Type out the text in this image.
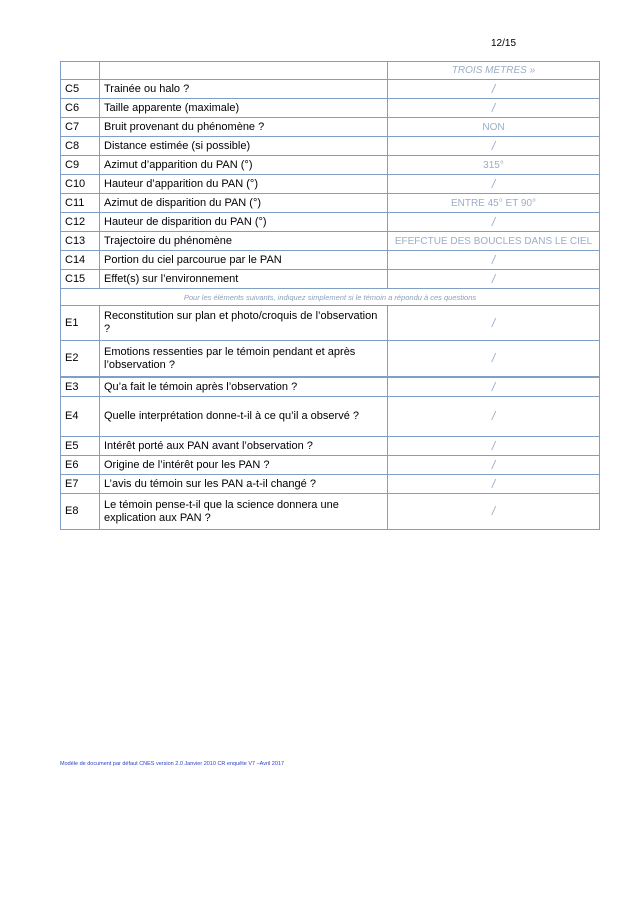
12/15
		TROIS METRES »
C5	Trainée ou halo ?	/
C6	Taille apparente (maximale)	/
C7	Bruit provenant du phénomène ?	NON
C8	Distance estimée (si possible)	/
C9	Azimut d’apparition du PAN (°)	315°
C10	Hauteur d’apparition du PAN (°)	/
C11	Azimut de disparition du PAN (°)	ENTRE 45° ET 90°
C12	Hauteur de disparition du PAN (°)	/
C13	Trajectoire du phénomène	EFEFCTUE DES BOUCLES DANS LE CIEL
C14	Portion du ciel parcourue par le PAN	/
C15	Effet(s) sur l’environnement	/
Pour les éléments suivants, indiquez simplement si le témoin a répondu à ces questions		
E1	Reconstitution sur plan et photo/croquis de l’observation ?	/
E2	Emotions ressenties par le témoin pendant et après l’observation ?	/
E3	Qu’a fait le témoin après l’observation ?	/
E4	Quelle interprétation donne-t-il à ce qu’il a observé ?	/
E5	Intérêt porté aux PAN avant l’observation ?	/
E6	Origine de l’intérêt pour les PAN ?	/
E7	L’avis du témoin sur les PAN a-t-il changé ?	/
E8	Le témoin pense-t-il que la science donnera une explication aux PAN ?	/
Modèle de document par défaut CNES version 2.0 Janvier 2010 CR enquête V7 –Avril 2017
